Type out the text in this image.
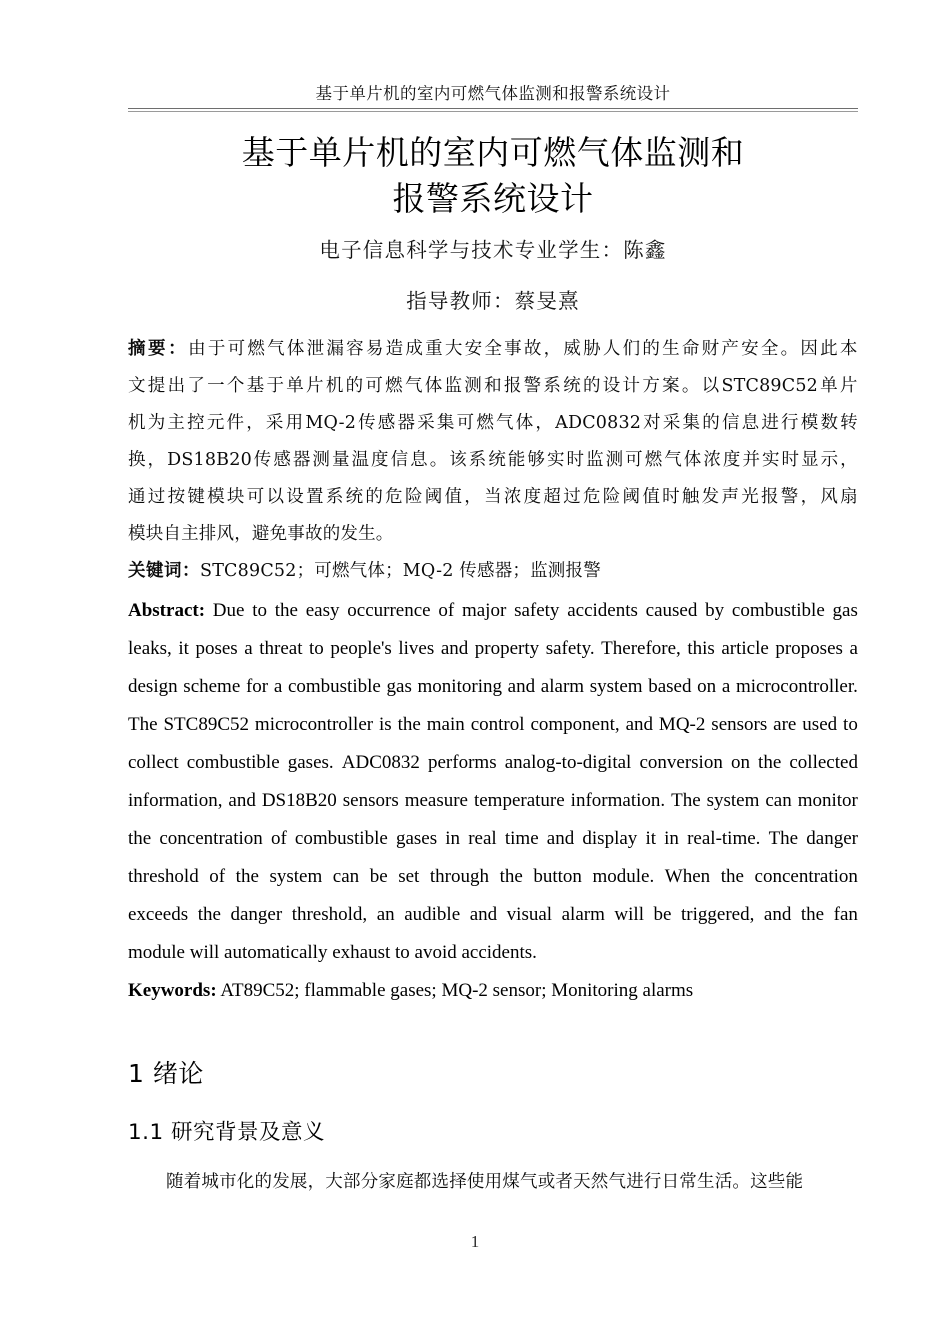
基于单片机的室内可燃气体监测和报警系统设计
基于单片机的室内可燃气体监测和
报警系统设计
电子信息科学与技术专业学生：陈鑫
指导教师：蔡旻熹
摘 要 ： 由 于 可 燃 气 体 泄 漏 容 易 造 成 重 大 安 全 事 故 ， 威 胁 人 们 的 生 命 财 产 安 全 。 因 此 本
文 提 出 了 一 个 基 于 单 片 机 的 可 燃 气 体 监 测 和 报 警 系 统 的 设 计 方 案 。 以 STC89C52 单 片
机 为 主 控 元 件 ， 采 用 MQ-2 传 感 器 采 集 可 燃 气 体 ， ADC0832 对 采 集 的 信 息 进 行 模 数 转
换 ， DS18B20 传 感 器 测 量 温 度 信 息 。 该 系 统 能 够 实 时 监 测 可 燃 气 体 浓 度 并 实 时 显 示 ，
通 过 按 键 模 块 可 以 设 置 系 统 的 危 险 阈 值 ， 当 浓 度 超 过 危 险 阈 值 时 触 发 声 光 报 警 ， 风 扇
模块自主排风，避免事故的发生。
关键词：STC89C52；可燃气体；MQ-2 传感器；监测报警
Abstract: Due to the easy occurrence of major safety accidents caused by combustible gas
leaks, it poses a threat to people's lives and property safety. Therefore, this article proposes a
design scheme for a combustible gas monitoring and alarm system based on a microcontroller.
The STC89C52 microcontroller is the main control component, and MQ-2 sensors are used to
collect combustible gases. ADC0832 performs analog-to-digital conversion on the collected
information, and DS18B20 sensors measure temperature information. The system can monitor
the concentration of combustible gases in real time and display it in real-time. The danger
threshold of the system can be set through the button module. When the concentration
exceeds the danger threshold, an audible and visual alarm will be triggered, and the fan
module will automatically exhaust to avoid accidents.
Keywords: AT89C52; flammable gases; MQ-2 sensor; Monitoring alarms
1 绪论
1.1 研究背景及意义

随着城市化的发展，大部分家庭都选择使用煤气或者天然气进行日常生活。这些能

1
